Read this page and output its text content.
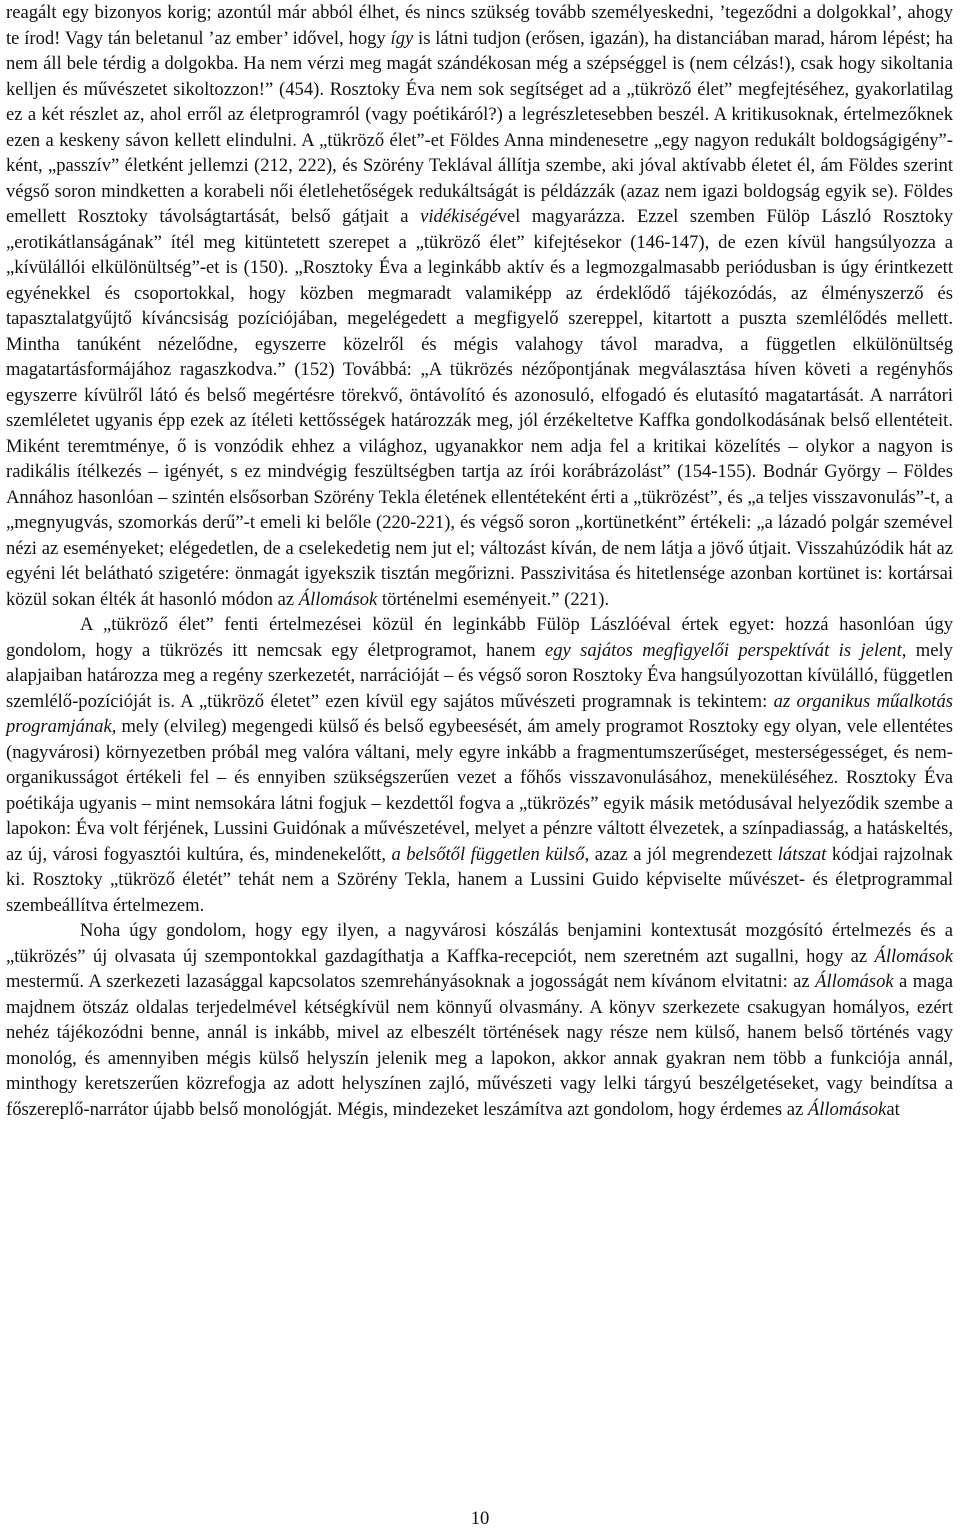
reagált egy bizonyos korig; azontúl már abból élhet, és nincs szükség tovább személyeskedni, ’tegeződni a dolgokkal’, ahogy te írod! Vagy tán beletanul ’az ember’ idővel, hogy így is látni tudjon (erősen, igazán), ha distanciában marad, három lépést; ha nem áll bele térdig a dolgokba. Ha nem vérzi meg magát szándékosan még a szépséggel is (nem célzás!), csak hogy sikoltania kelljen és művészetet sikoltozzon!” (454). Rosztoky Éva nem sok segítséget ad a „tükröző élet” megfejtéséhez, gyakorlatilag ez a két részlet az, ahol erről az életprogramról (vagy poétikáról?) a legrészletesebben beszél. A kritikusoknak, értelmezőknek ezen a keskeny sávon kellett elindulni. A „tükröző élet”-et Földes Anna mindenesetre „egy nagyon redukált boldogságigény”-ként, „passzív” életként jellemzi (212, 222), és Szörény Teklával állítja szembe, aki jóval aktívabb életet él, ám Földes szerint végső soron mindketten a korabeli női életlehetőségek redukáltságát is példázzák (azaz nem igazi boldogság egyik se). Földes emellett Rosztoky távolságtartását, belső gátjait a vidékiségével magyarázza. Ezzel szemben Fülöp László Rosztoky „erotikátlanságának” ítél meg kitüntetett szerepet a „tükröző élet” kifejtésekor (146-147), de ezen kívül hangsúlyozza a „kívülállói elkülönültség”-et is (150). „Rosztoky Éva a leginkább aktív és a legmozgalmasabb periódusban is úgy érintkezett egyénekkel és csoportokkal, hogy közben megmaradt valamiképp az érdeklődő tájékozódás, az élményszerző és tapasztalatgyűjtő kíváncsiság pozíciójában, megelégedett a megfigyelő szereppel, kitartott a puszta szemlélődés mellett. Mintha tanúként nézelődne, egyszerre közelről és mégis valahogy távol maradva, a független elkülönültség magatartásformájához ragaszkodva.” (152) Továbbá: „A tükrözés nézőpontjának megválasztása híven követi a regényhős egyszerre kívülről látó és belső megértésre törekvő, öntávolító és azonosuló, elfogadó és elutasító magatartását. A narrátori szemléletet ugyanis épp ezek az ítéleti kettősségek határozzák meg, jól érzékeltetve Kaffka gondolkodásának belső ellentéteit. Miként teremtménye, ő is vonzódik ehhez a világhoz, ugyanakkor nem adja fel a kritikai közelítés – olykor a nagyon is radikális ítélkezés – igényét, s ez mindvégig feszültségben tartja az írói korábrázolást” (154-155). Bodnár György – Földes Annához hasonlóan – szintén elsősorban Szörény Tekla életének ellentéteként érti a „tükrözést”, és „a teljes visszavonulás”-t, a „megnyugvás, szomorkás derű”-t emeli ki belőle (220-221), és végső soron „kortünetként” értékeli: „a lázadó polgár szemével nézi az eseményeket; elégedetlen, de a cselekedetig nem jut el; változást kíván, de nem látja a jövő útjait. Visszahúzódik hát az egyéni lét belátható szigetére: önmagát igyekszik tisztán megőrizni. Passzivitása és hitetlensége azonban kortünet is: kortársai közül sokan élték át hasonló módon az Állomások történelmi eseményeit.” (221).

A „tükröző élet” fenti értelmezései közül én leginkább Fülöp Lászlóéval értek egyet: hozzá hasonlóan úgy gondolom, hogy a tükrözés itt nemcsak egy életprogramot, hanem egy sajátos megfigyelői perspektívát is jelent, mely alapjaiban határozza meg a regény szerkezetét, narrációját – és végső soron Rosztoky Éva hangsúlyozottan kívülálló, független szemlélő-pozícióját is. A „tükröző életet” ezen kívül egy sajátos művészeti programnak is tekintem: az organikus műalkotás programjának, mely (elvileg) megengedi külső és belső egybeesését, ám amely programot Rosztoky egy olyan, vele ellentétes (nagyvárosi) környezetben próbál meg valóra váltani, mely egyre inkább a fragmentumszerűséget, mesterségességet, és nem-organikusságot értékeli fel – és ennyiben szükségszerűen vezet a főhős visszavonulásához, meneküléséhez. Rosztoky Éva poétikája ugyanis – mint nemsokára látni fogjuk – kezdettől fogva a „tükrözés” egyik másik metódusával helyeződik szembe a lapokon: Éva volt férjének, Lussini Guidónak a művészetével, melyet a pénzre váltott élvezetek, a színpadiasság, a hatáskeltés, az új, városi fogyasztói kultúra, és, mindenekelőtt, a belsőtől független külső, azaz a jól megrendezett látszat kódjai rajzolnak ki. Rosztoky „tükröző életét” tehát nem a Szörény Tekla, hanem a Lussini Guido képviselte művészet- és életprogrammal szembeállítva értelmezem.

Noha úgy gondolom, hogy egy ilyen, a nagyvárosi kószálás benjamini kontextusát mozgósító értelmezés és a „tükrözés” új olvasata új szempontokkal gazdagíthatja a Kaffka-recepciót, nem szeretném azt sugallni, hogy az Állomások mestermű. A szerkezeti lazasággal kapcsolatos szemrehányásoknak a jogosságát nem kívánom elvitatni: az Állomások a maga majdnem ötszáz oldalas terjedelmével kétségkívül nem könnyű olvasmány. A könyv szerkezete csakugyan homályos, ezért nehéz tájékozódni benne, annál is inkább, mivel az elbeszélt történések nagy része nem külső, hanem belső történés vagy monológ, és amennyiben mégis külső helyszín jelenik meg a lapokon, akkor annak gyakran nem több a funkciója annál, minthogy keretszerűen közrefogja az adott helyszínen zajló, művészeti vagy lelki tárgyú beszélgetéseket, vagy beindítsa a főszereplő-narrátor újabb belső monológját. Mégis, mindezeket leszámítva azt gondolom, hogy érdemes az Állomásokat

10
